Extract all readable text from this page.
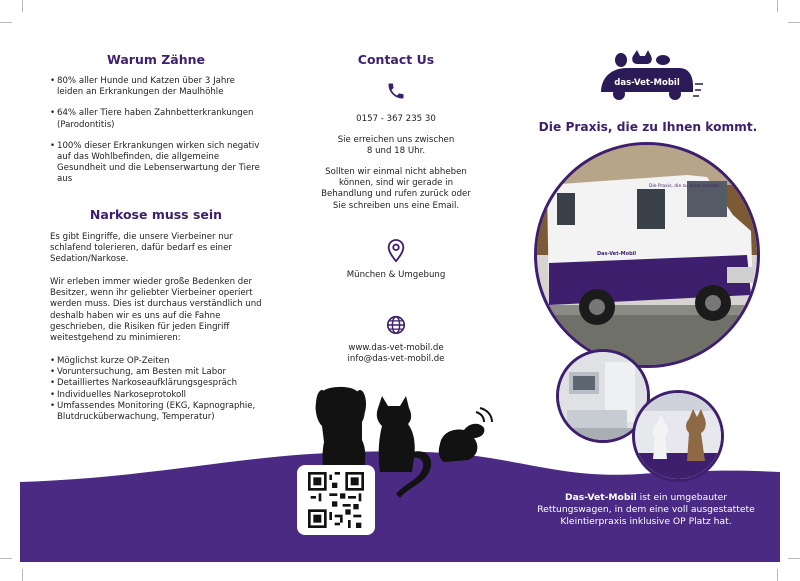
Warum Zähne
• 80% aller Hunde und Katzen über 3 Jahre leiden an Erkrankungen der Maulhöhle
• 64% aller Tiere haben Zahnbetterkrankungen (Parodontitis)
• 100% dieser Erkrankungen wirken sich negativ auf das Wohlbefinden, die allgemeine Gesundheit und die Lebenserwartung der Tiere aus
Narkose muss sein

Es gibt Eingriffe, die unsere Vierbeiner nur schlafend tolerieren, dafür bedarf es einer Sedation/Narkose.

Wir erleben immer wieder große Bedenken der Besitzer, wenn ihr geliebter Vierbeiner operiert werden muss. Dies ist durchaus verständlich und deshalb haben wir es uns auf die Fahne geschrieben, die Risiken für jeden Eingriff weitestgehend zu minimieren:

• Möglichst kurze OP-Zeiten
• Voruntersuchung, am Besten mit Labor
• Detailliertes Narkoseaufklärungsgespräch
• Individuelles Narkoseprotokoll
• Umfassendes Monitoring (EKG, Kapnographie, Blutdrucküberwachung, Temperatur)
Contact Us

0157 - 367 235 30

Sie erreichen uns zwischen 8 und 18 Uhr.

Sollten wir einmal nicht abheben können, sind wir gerade in Behandlung und rufen zurück oder Sie schreiben uns eine Email.

München & Umgebung

www.das-vet-mobil.de

info@das-vet-mobil.de

das-Vet-Mobil
Die Praxis, die zu Ihnen kommt.
Die Praxis, die zu Ihnen kommt.
Das-Vet-Mobil

Das-Vet-Mobil ist ein umgebauter Rettungswagen, in dem eine voll ausgestattete Kleintierpraxis inklusive OP Platz hat.
